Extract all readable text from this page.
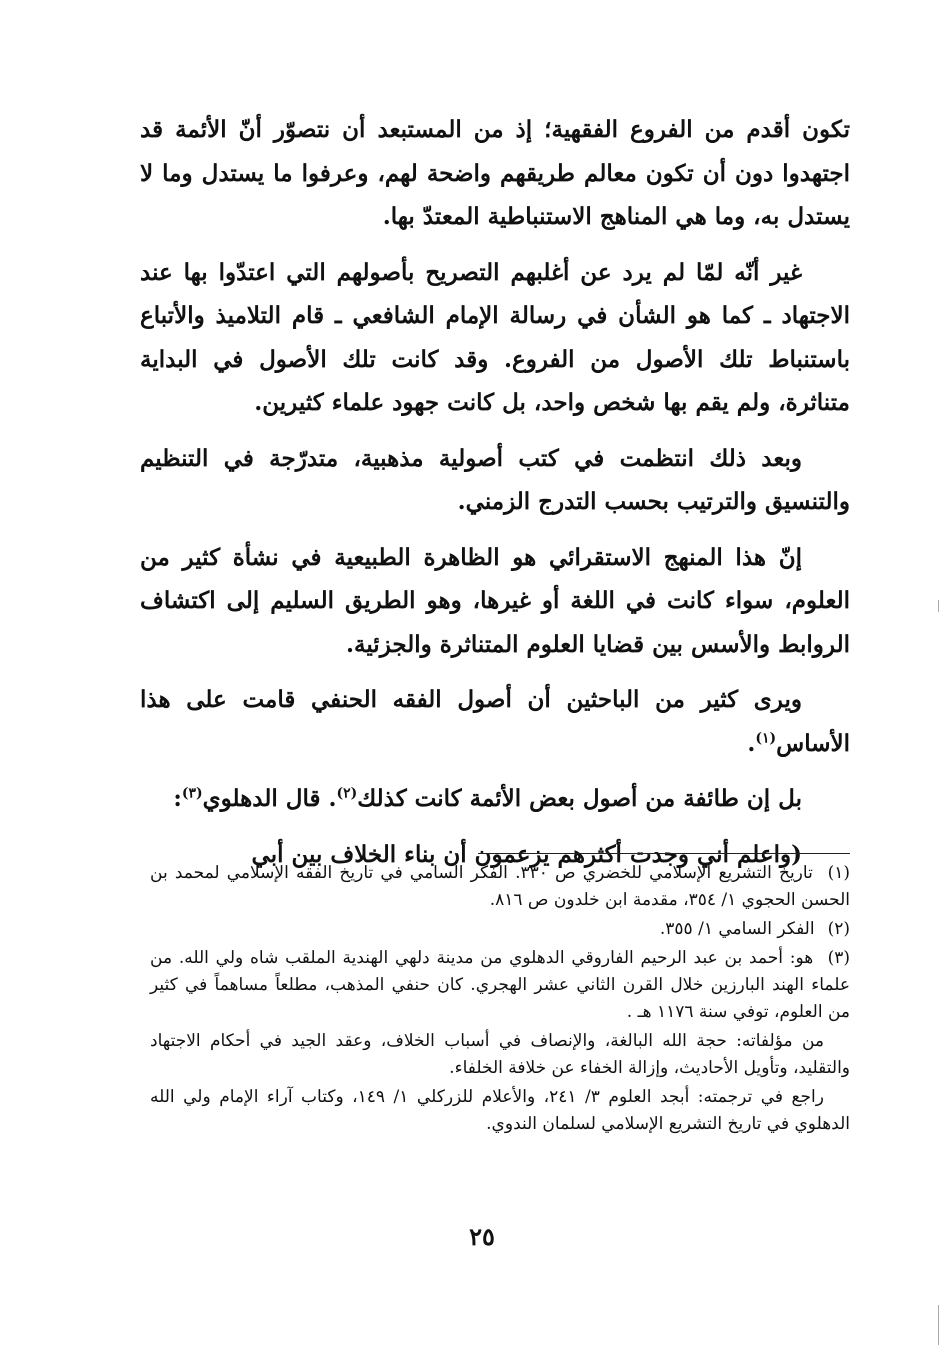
تكون أقدم من الفروع الفقهية؛ إذ من المستبعد أن نتصوّر أنّ الأئمة قد اجتهدوا دون أن تكون معالم طريقهم واضحة لهم، وعرفوا ما يستدل وما لا يستدل به، وما هي المناهج الاستنباطية المعتدّ بها.

غير أنّه لمّا لم يرد عن أغلبهم التصريح بأصولهم التي اعتدّوا بها عند الاجتهاد ـ كما هو الشأن في رسالة الإمام الشافعي ـ قام التلاميذ والأتباع باستنباط تلك الأصول من الفروع. وقد كانت تلك الأصول في البداية متناثرة، ولم يقم بها شخص واحد، بل كانت جهود علماء كثيرين.

وبعد ذلك انتظمت في كتب أصولية مذهبية، متدرّجة في التنظيم والتنسيق والترتيب بحسب التدرج الزمني.

إنّ هذا المنهج الاستقرائي هو الظاهرة الطبيعية في نشأة كثير من العلوم، سواء كانت في اللغة أو غيرها، وهو الطريق السليم إلى اكتشاف الروابط والأسس بين قضايا العلوم المتناثرة والجزئية.

ويرى كثير من الباحثين أن أصول الفقه الحنفي قامت على هذا الأساس$^{(١)}$.

بل إن طائفة من أصول بعض الأئمة كانت كذلك$^{(٢)}$. قال الدهلوي$^{(٣)}$:

(واعلم أني وجدت أكثرهم يزعمون أن بناء الخلاف بين أبي

(١) تاريخ التشريع الإسلامي للخضري ص ٣٣٠. الفكر السامي في تاريخ الفقه الإسلامي لمحمد بن الحسن الحجوي ١/ ٣٥٤، مقدمة ابن خلدون ص ٨١٦.

(٢) الفكر السامي ١/ ٣٥٥.

(٣) هو: أحمد بن عبد الرحيم الفاروقي الدهلوي من مدينة دلهي الهندية الملقب شاه ولي الله. من علماء الهند البارزين خلال القرن الثاني عشر الهجري. كان حنفي المذهب، مطلعاً مساهماً في كثير من العلوم، توفي سنة ١١٧٦ هـ .

من مؤلفاته: حجة الله البالغة، والإنصاف في أسباب الخلاف، وعقد الجيد في أحكام الاجتهاد والتقليد، وتأويل الأحاديث، وإزالة الخفاء عن خلافة الخلفاء.

راجع في ترجمته: أبجد العلوم ٣/ ٢٤١، والأعلام للزركلي ١/ ١٤٩، وكتاب آراء الإمام ولي الله الدهلوي في تاريخ التشريع الإسلامي لسلمان الندوي.

٢٥
